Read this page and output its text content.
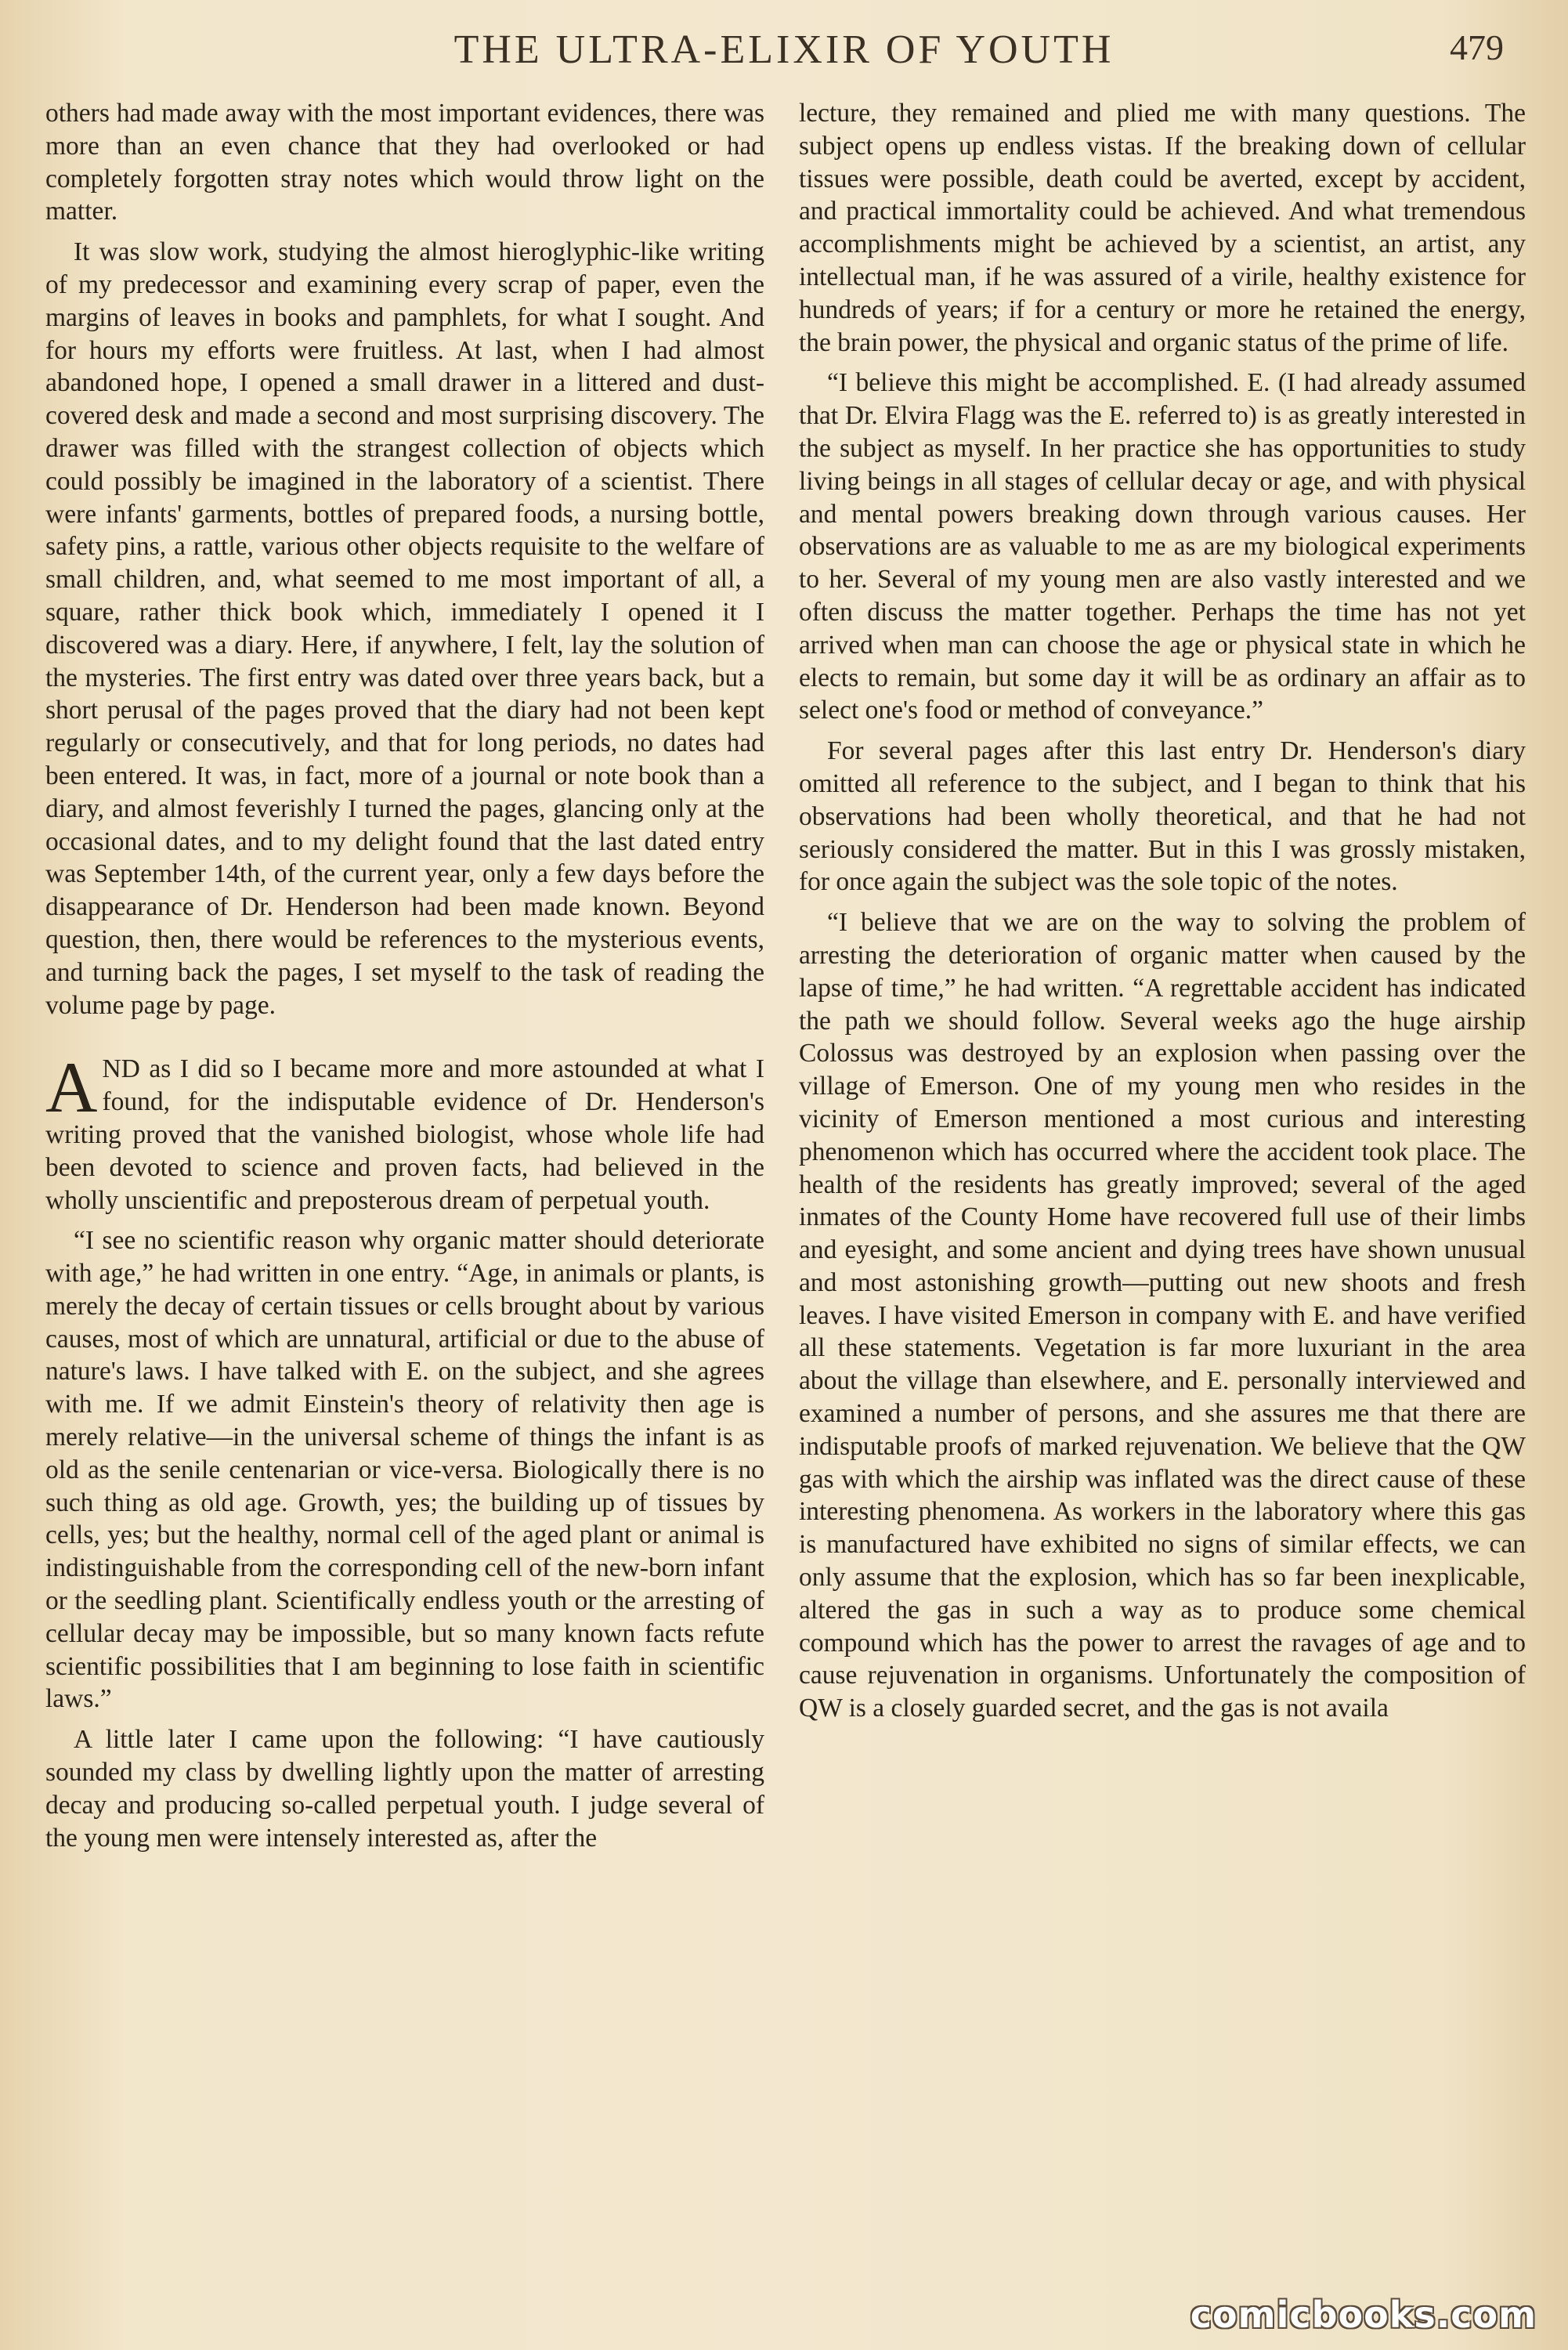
THE ULTRA-ELIXIR OF YOUTH	479

others had made away with the most important evidences, there was more than an even chance that they had overlooked or had completely forgotten stray notes which would throw light on the matter.

It was slow work, studying the almost hieroglyphic-like writing of my predecessor and examining every scrap of paper, even the margins of leaves in books and pamphlets, for what I sought. And for hours my efforts were fruitless. At last, when I had almost abandoned hope, I opened a small drawer in a littered and dust-covered desk and made a second and most surprising discovery. The drawer was filled with the strangest collection of objects which could possibly be imagined in the laboratory of a scientist. There were infants' garments, bottles of prepared foods, a nursing bottle, safety pins, a rattle, various other objects requisite to the welfare of small children, and, what seemed to me most important of all, a square, rather thick book which, immediately I opened it I discovered was a diary. Here, if anywhere, I felt, lay the solution of the mysteries. The first entry was dated over three years back, but a short perusal of the pages proved that the diary had not been kept regularly or consecutively, and that for long periods, no dates had been entered. It was, in fact, more of a journal or note book than a diary, and almost feverishly I turned the pages, glancing only at the occasional dates, and to my delight found that the last dated entry was September 14th, of the current year, only a few days before the disappearance of Dr. Henderson had been made known. Beyond question, then, there would be references to the mysterious events, and turning back the pages, I set myself to the task of reading the volume page by page.

AND as I did so I became more and more astounded at what I found, for the indisputable evidence of Dr. Henderson's writing proved that the vanished biologist, whose whole life had been devoted to science and proven facts, had believed in the wholly unscientific and preposterous dream of perpetual youth.

“I see no scientific reason why organic matter should deteriorate with age,” he had written in one entry. “Age, in animals or plants, is merely the decay of certain tissues or cells brought about by various causes, most of which are unnatural, artificial or due to the abuse of nature's laws. I have talked with E. on the subject, and she agrees with me. If we admit Einstein's theory of relativity then age is merely relative—in the universal scheme of things the infant is as old as the senile centenarian or vice-versa. Biologically there is no such thing as old age. Growth, yes; the building up of tissues by cells, yes; but the healthy, normal cell of the aged plant or animal is indistinguishable from the corresponding cell of the new-born infant or the seedling plant. Scientifically endless youth or the arresting of cellular decay may be impossible, but so many known facts refute scientific possibilities that I am beginning to lose faith in scientific laws.”

A little later I came upon the following: “I have cautiously sounded my class by dwelling lightly upon the matter of arresting decay and producing so-called perpetual youth. I judge several of the young men were intensely interested as, after the

lecture, they remained and plied me with many questions. The subject opens up endless vistas. If the breaking down of cellular tissues were possible, death could be averted, except by accident, and practical immortality could be achieved. And what tremendous accomplishments might be achieved by a scientist, an artist, any intellectual man, if he was assured of a virile, healthy existence for hundreds of years; if for a century or more he retained the energy, the brain power, the physical and organic status of the prime of life.

“I believe this might be accomplished. E. (I had already assumed that Dr. Elvira Flagg was the E. referred to) is as greatly interested in the subject as myself. In her practice she has opportunities to study living beings in all stages of cellular decay or age, and with physical and mental powers breaking down through various causes. Her observations are as valuable to me as are my biological experiments to her. Several of my young men are also vastly interested and we often discuss the matter together. Perhaps the time has not yet arrived when man can choose the age or physical state in which he elects to remain, but some day it will be as ordinary an affair as to select one's food or method of conveyance.”

For several pages after this last entry Dr. Henderson's diary omitted all reference to the subject, and I began to think that his observations had been wholly theoretical, and that he had not seriously considered the matter. But in this I was grossly mistaken, for once again the subject was the sole topic of the notes.

“I believe that we are on the way to solving the problem of arresting the deterioration of organic matter when caused by the lapse of time,” he had written. “A regrettable accident has indicated the path we should follow. Several weeks ago the huge airship Colossus was destroyed by an explosion when passing over the village of Emerson. One of my young men who resides in the vicinity of Emerson mentioned a most curious and interesting phenomenon which has occurred where the accident took place. The health of the residents has greatly improved; several of the aged inmates of the County Home have recovered full use of their limbs and eyesight, and some ancient and dying trees have shown unusual and most astonishing growth—putting out new shoots and fresh leaves. I have visited Emerson in company with E. and have verified all these statements. Vegetation is far more luxuriant in the area about the village than elsewhere, and E. personally interviewed and examined a number of persons, and she assures me that there are indisputable proofs of marked rejuvenation. We believe that the QW gas with which the airship was inflated was the direct cause of these interesting phenomena. As workers in the laboratory where this gas is manufactured have exhibited no signs of similar effects, we can only assume that the explosion, which has so far been inexplicable, altered the gas in such a way as to produce some chemical compound which has the power to arrest the ravages of age and to cause rejuvenation in organisms. Unfortunately the composition of QW is a closely guarded secret, and the gas is not availa

comicbooks.com
